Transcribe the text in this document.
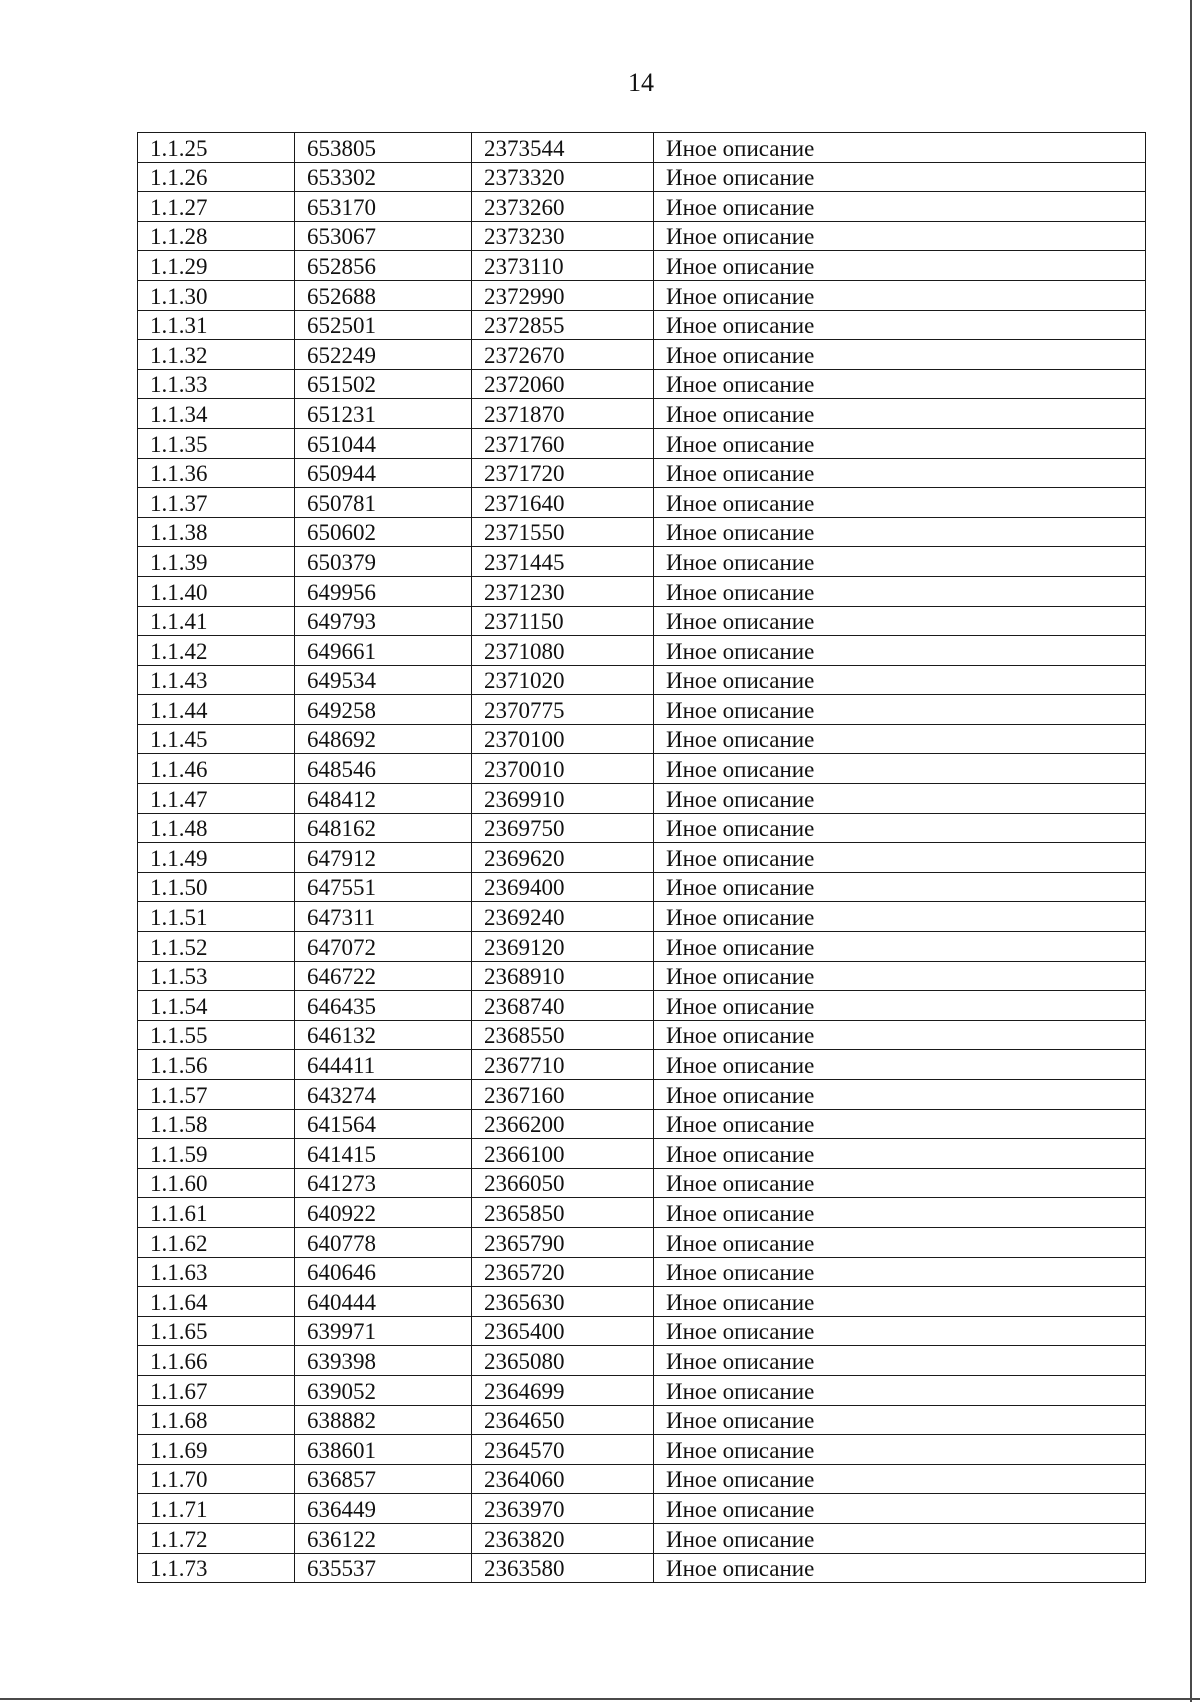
14
1.1.25	653805	2373544	Иное описание
1.1.26	653302	2373320	Иное описание
1.1.27	653170	2373260	Иное описание
1.1.28	653067	2373230	Иное описание
1.1.29	652856	2373110	Иное описание
1.1.30	652688	2372990	Иное описание
1.1.31	652501	2372855	Иное описание
1.1.32	652249	2372670	Иное описание
1.1.33	651502	2372060	Иное описание
1.1.34	651231	2371870	Иное описание
1.1.35	651044	2371760	Иное описание
1.1.36	650944	2371720	Иное описание
1.1.37	650781	2371640	Иное описание
1.1.38	650602	2371550	Иное описание
1.1.39	650379	2371445	Иное описание
1.1.40	649956	2371230	Иное описание
1.1.41	649793	2371150	Иное описание
1.1.42	649661	2371080	Иное описание
1.1.43	649534	2371020	Иное описание
1.1.44	649258	2370775	Иное описание
1.1.45	648692	2370100	Иное описание
1.1.46	648546	2370010	Иное описание
1.1.47	648412	2369910	Иное описание
1.1.48	648162	2369750	Иное описание
1.1.49	647912	2369620	Иное описание
1.1.50	647551	2369400	Иное описание
1.1.51	647311	2369240	Иное описание
1.1.52	647072	2369120	Иное описание
1.1.53	646722	2368910	Иное описание
1.1.54	646435	2368740	Иное описание
1.1.55	646132	2368550	Иное описание
1.1.56	644411	2367710	Иное описание
1.1.57	643274	2367160	Иное описание
1.1.58	641564	2366200	Иное описание
1.1.59	641415	2366100	Иное описание
1.1.60	641273	2366050	Иное описание
1.1.61	640922	2365850	Иное описание
1.1.62	640778	2365790	Иное описание
1.1.63	640646	2365720	Иное описание
1.1.64	640444	2365630	Иное описание
1.1.65	639971	2365400	Иное описание
1.1.66	639398	2365080	Иное описание
1.1.67	639052	2364699	Иное описание
1.1.68	638882	2364650	Иное описание
1.1.69	638601	2364570	Иное описание
1.1.70	636857	2364060	Иное описание
1.1.71	636449	2363970	Иное описание
1.1.72	636122	2363820	Иное описание
1.1.73	635537	2363580	Иное описание
